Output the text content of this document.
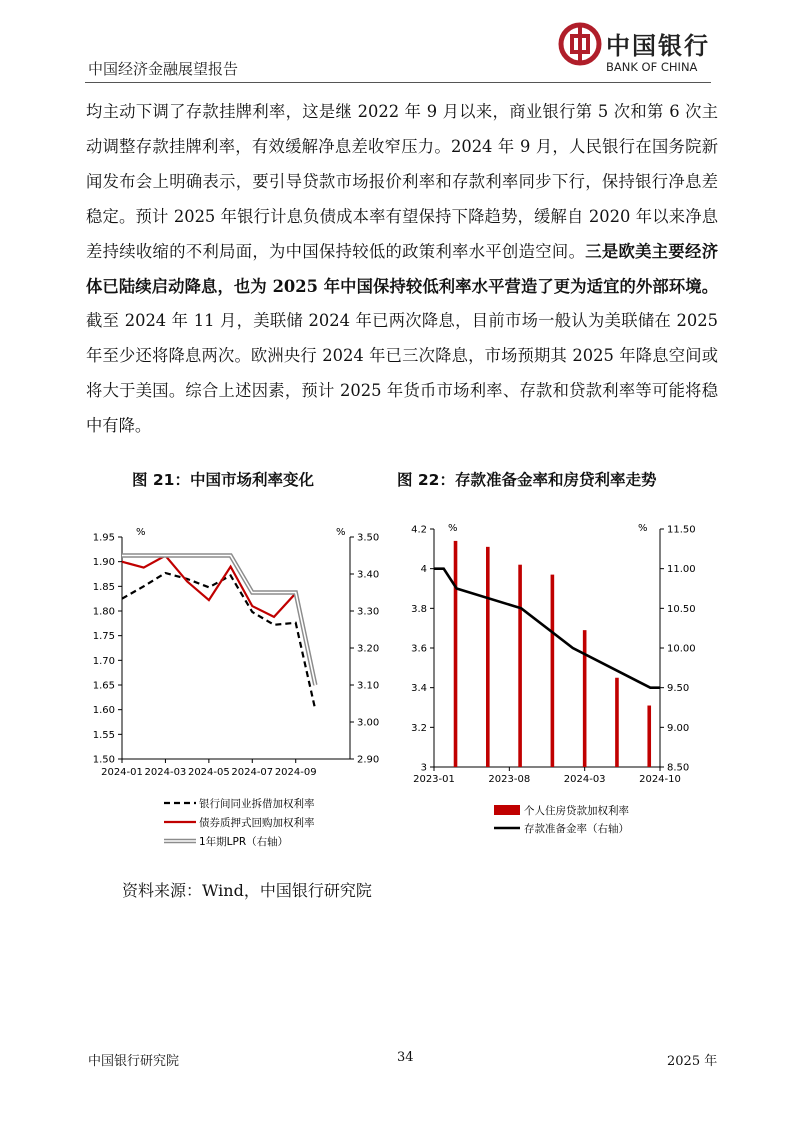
中国经济金融展望报告
中国银行
BANK OF CHINA
均主动下调了存款挂牌利率，这是继 2022 年 9 月以来，商业银行第 5 次和第 6 次主动调整存款挂牌利率，有效缓解净息差收窄压力。2024 年 9 月，人民银行在国务院新闻发布会上明确表示，要引导贷款市场报价利率和存款利率同步下行，保持银行净息差稳定。预计 2025 年银行计息负债成本率有望保持下降趋势，缓解自 2020 年以来净息差持续收缩的不利局面，为中国保持较低的政策利率水平创造空间。三是欧美主要经济体已陆续启动降息，也为 2025 年中国保持较低利率水平营造了更为适宜的外部环境。截至 2024 年 11 月，美联储 2024 年已两次降息，目前市场一般认为美联储在 2025 年至少还将降息两次。欧洲央行 2024 年已三次降息，市场预期其 2025 年降息空间或将大于美国。综合上述因素，预计 2025 年货币市场利率、存款和贷款利率等可能将稳中有降。
图 21：中国市场利率变化	图 22：存款准备金率和房贷利率走势
%	%
1.95
1.90
1.85
1.80
1.75
1.70
1.65
1.60
1.55
1.50
3.50
3.40
3.30
3.20
3.10
3.00
2.90
2024-01 2024-03 2024-05 2024-07 2024-09
银行间同业拆借加权利率
债券质押式回购加权利率
1年期LPR（右轴）
%	%
4.2
4
3.8
3.6
3.4
3.2
3
11.50
11.00
10.50
10.00
9.50
9.00
8.50
2023-01	2023-08	2024-03	2024-10
个人住房贷款加权利率
存款准备金率（右轴）
资料来源：Wind，中国银行研究院
中国银行研究院	34	2025 年
